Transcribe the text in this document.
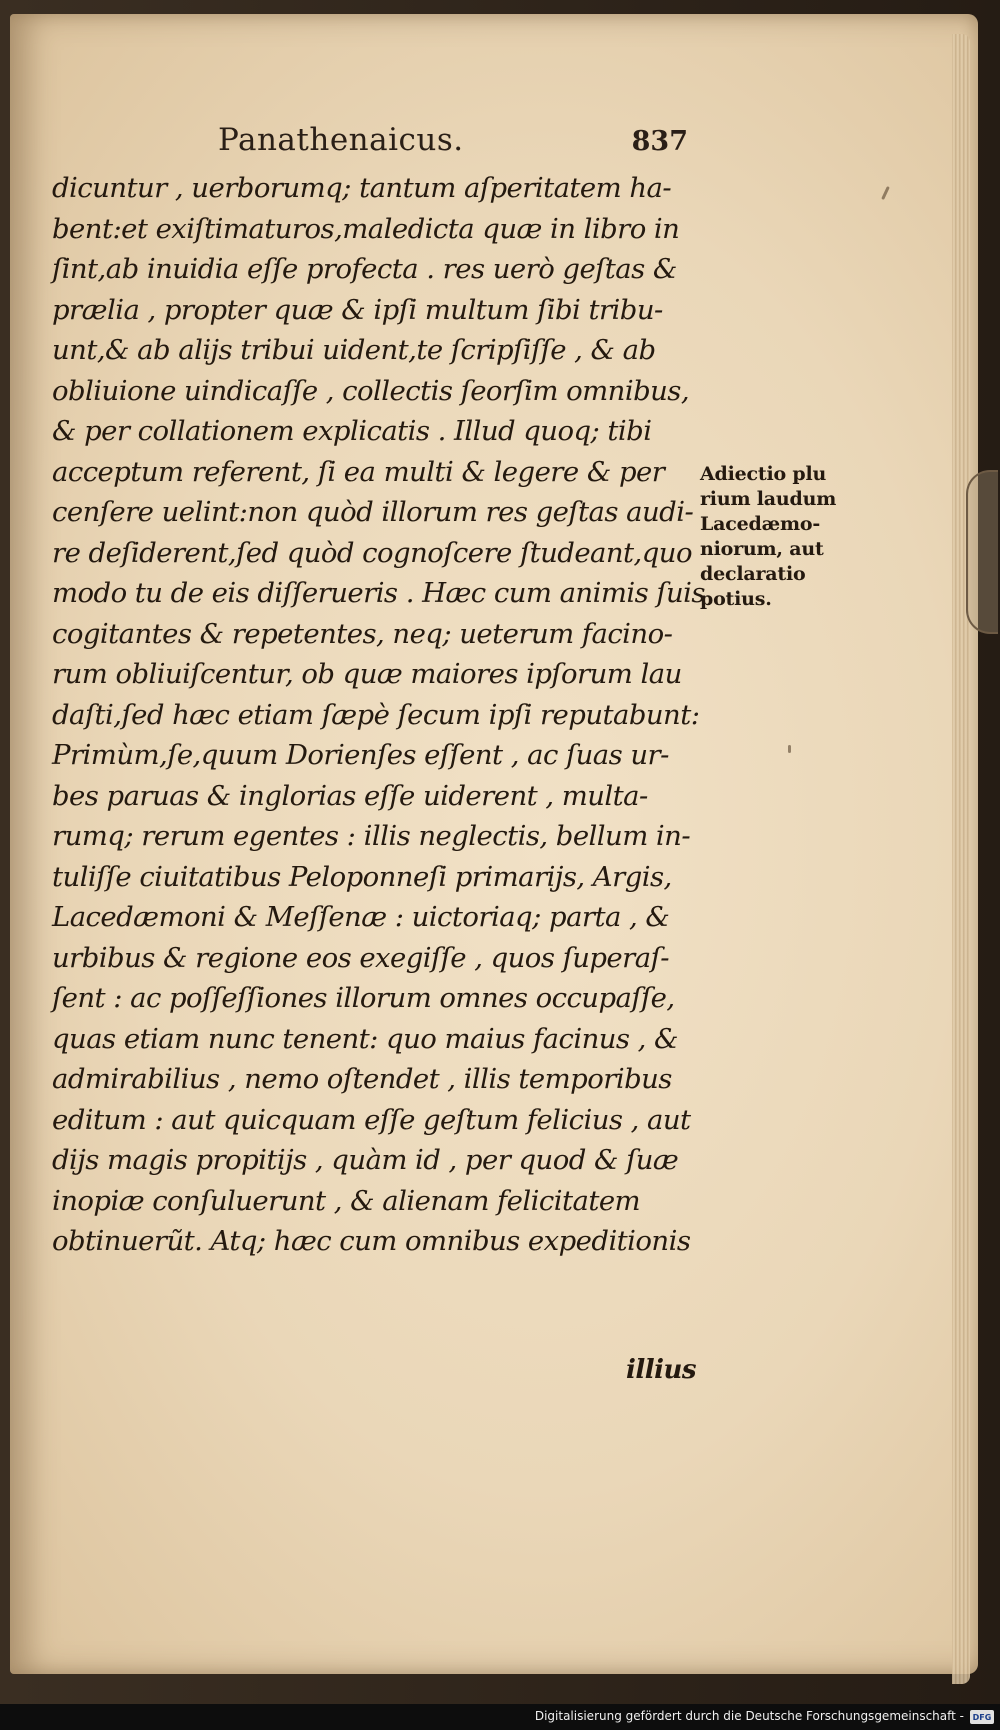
Panathenaicus.	837
dicuntur , uerborumq; tantum aſperitatem ha-
bent:et exiſtimaturos,maledicta quæ in libro in
ſint,ab inuidia eſſe profecta . res uerò geſtas &
prælia , propter quæ & ipſi multum ſibi tribu-
unt,& ab alijs tribui uident,te ſcripſiſſe , & ab
obliuione uindicaſſe , collectis ſeorſim omnibus,
& per collationem explicatis . Illud quoq; tibi
acceptum referent, ſi ea multi & legere & per
cenſere uelint:non quòd illorum res geſtas audi-
re deſiderent,ſed quòd cognoſcere ſtudeant,quo
modo tu de eis diſſerueris . Hæc cum animis ſuis
cogitantes & repetentes, neq; ueterum facino-
rum obliuiſcentur, ob quæ maiores ipſorum lau
daſti,ſed hæc etiam ſæpè ſecum ipſi reputabunt:
Primùm,ſe,quum Dorienſes eſſent , ac ſuas ur-
bes paruas & inglorias eſſe uiderent , multa-
rumq; rerum egentes : illis neglectis, bellum in-
tuliſſe ciuitatibus Peloponneſi primarijs, Argis,
Lacedæmoni & Meſſenæ : uictoriaq; parta , &
urbibus & regione eos exegiſſe , quos ſuperaſ-
ſent : ac poſſeſſiones illorum omnes occupaſſe,
quas etiam nunc tenent: quo maius facinus , &
admirabilius , nemo oſtendet , illis temporibus
editum : aut quicquam eſſe geſtum felicius , aut
dijs magis propitijs , quàm id , per quod & ſuæ
inopiæ conſuluerunt , & alienam felicitatem
obtinuerũt. Atq; hæc cum omnibus expeditionis
illius
Adiectio plu
rium laudum
Lacedæmo-
niorum, aut
declaratio
potius.
Digitalisierung gefördert durch die Deutsche Forschungsgemeinschaft -	DFG
